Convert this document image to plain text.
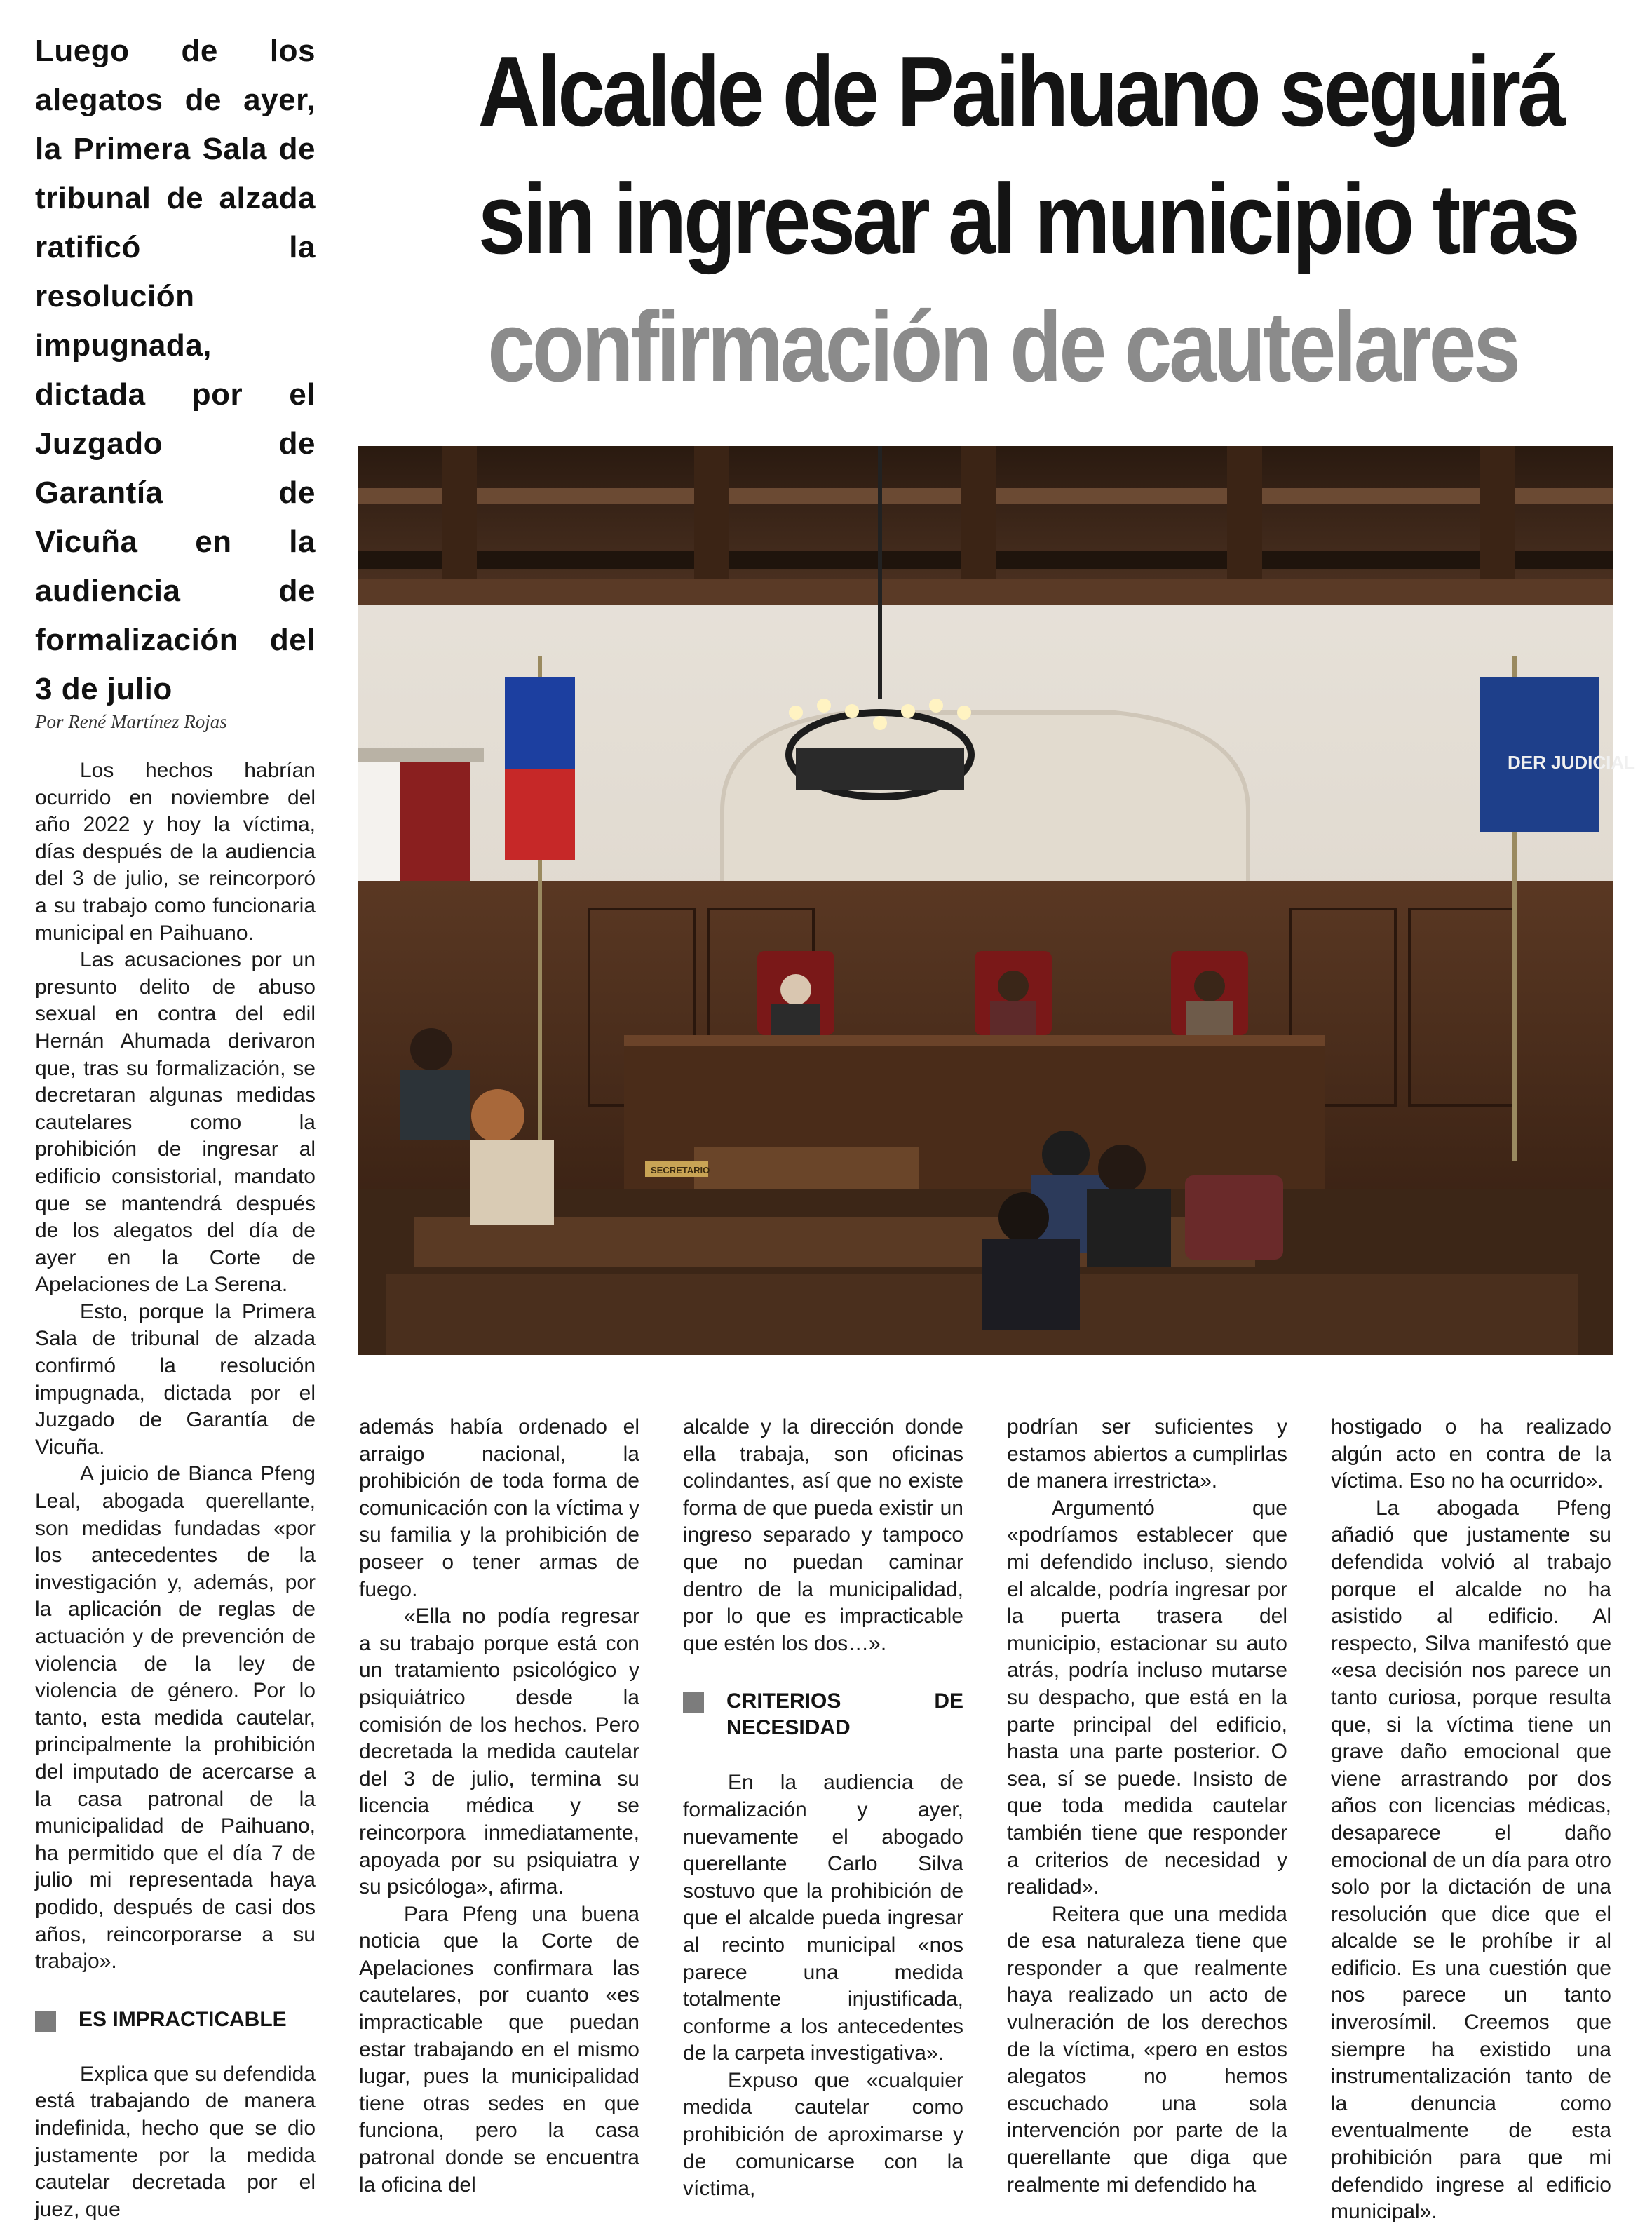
Luego de los alegatos de ayer, la Primera Sala de tribunal de alzada ratificó la resolución impugnada, dictada por el Juzgado de Garantía de Vicuña en la audiencia de formalización del 3 de julio
Alcalde de Paihuano seguirá
sin ingresar al municipio tras
confirmación de cautelares
DER JUDICIAL
SECRETARIO
Por René Martínez Rojas

Los hechos habrían ocurrido en noviembre del año 2022 y hoy la víctima, días después de la audiencia del 3 de julio, se reincorporó a su trabajo como funcionaria municipal en Paihuano.

Las acusaciones por un presunto delito de abuso sexual en contra del edil Hernán Ahumada derivaron que, tras su formalización, se decretaran algunas medidas cautelares como la prohibición de ingresar al edificio consistorial, mandato que se mantendrá después de los alegatos del día de ayer en la Corte de Apelaciones de La Serena.

Esto, porque la Primera Sala de tribunal de alzada confirmó la resolución impugnada, dictada por el Juzgado de Garantía de Vicuña.

A juicio de Bianca Pfeng Leal, abogada querellante, son medidas fundadas «por los antecedentes de la investigación y, además, por la aplicación de reglas de actuación y de prevención de violencia de la ley de violencia de género. Por lo tanto, esta medida cautelar, principalmente la prohibición del imputado de acercarse a la casa patronal de la municipalidad de Paihuano, ha permitido que el día 7 de julio mi representada haya podido, después de casi dos años, reincorporarse a su trabajo».

ES IMPRACTICABLE

Explica que su defendida está trabajando de manera indefinida, hecho que se dio justamente por la medida cautelar decretada por el juez, que

además había ordenado el arraigo nacional, la prohibición de toda forma de comunicación con la víctima y su familia y la prohibición de poseer o tener armas de fuego.

«Ella no podía regresar a su trabajo porque está con un tratamiento psicológico y psiquiátrico desde la comisión de los hechos. Pero decretada la medida cautelar del 3 de julio, termina su licencia médica y se reincorpora inmediatamente, apoyada por su psiquiatra y su psicóloga», afirma.

Para Pfeng una buena noticia que la Corte de Apelaciones confirmara las cautelares, por cuanto «es impracticable que puedan estar trabajando en el mismo lugar, pues la municipalidad tiene otras sedes en que funciona, pero la casa patronal donde se encuentra la oficina del

alcalde y la dirección donde ella trabaja, son oficinas colindantes, así que no existe forma de que pueda existir un ingreso separado y tampoco que no puedan caminar dentro de la municipalidad, por lo que es impracticable que estén los dos…».

CRITERIOS DE NECESIDAD

En la audiencia de formalización y ayer, nuevamente el abogado querellante Carlo Silva sostuvo que la prohibición de que el alcalde pueda ingresar al recinto municipal «nos parece una medida totalmente injustificada, conforme a los antecedentes de la carpeta investigativa».

Expuso que «cualquier medida cautelar como prohibición de aproximarse y de comunicarse con la víctima,

podrían ser suficientes y estamos abiertos a cumplirlas de manera irrestricta».

Argumentó que «podríamos establecer que mi defendido incluso, siendo el alcalde, podría ingresar por la puerta trasera del municipio, estacionar su auto atrás, podría incluso mutarse su despacho, que está en la parte principal del edificio, hasta una parte posterior. O sea, sí se puede. Insisto de que toda medida cautelar también tiene que responder a criterios de necesidad y realidad».

Reitera que una medida de esa naturaleza tiene que responder a que realmente haya realizado un acto de vulneración de los derechos de la víctima, «pero en estos alegatos no hemos escuchado una sola intervención por parte de la querellante que diga que realmente mi defendido ha

hostigado o ha realizado algún acto en contra de la víctima. Eso no ha ocurrido».

La abogada Pfeng añadió que justamente su defendida volvió al trabajo porque el alcalde no ha asistido al edificio. Al respecto, Silva manifestó que «esa decisión nos parece un tanto curiosa, porque resulta que, si la víctima tiene un grave daño emocional que viene arrastrando por dos años con licencias médicas, desaparece el daño emocional de un día para otro solo por la dictación de una resolución que dice que el alcalde se le prohíbe ir al edificio. Es una cuestión que nos parece un tanto inverosímil. Creemos que siempre ha existido una instrumentalización tanto de la denuncia como eventualmente de esta prohibición para que mi defendido ingrese al edificio municipal».
